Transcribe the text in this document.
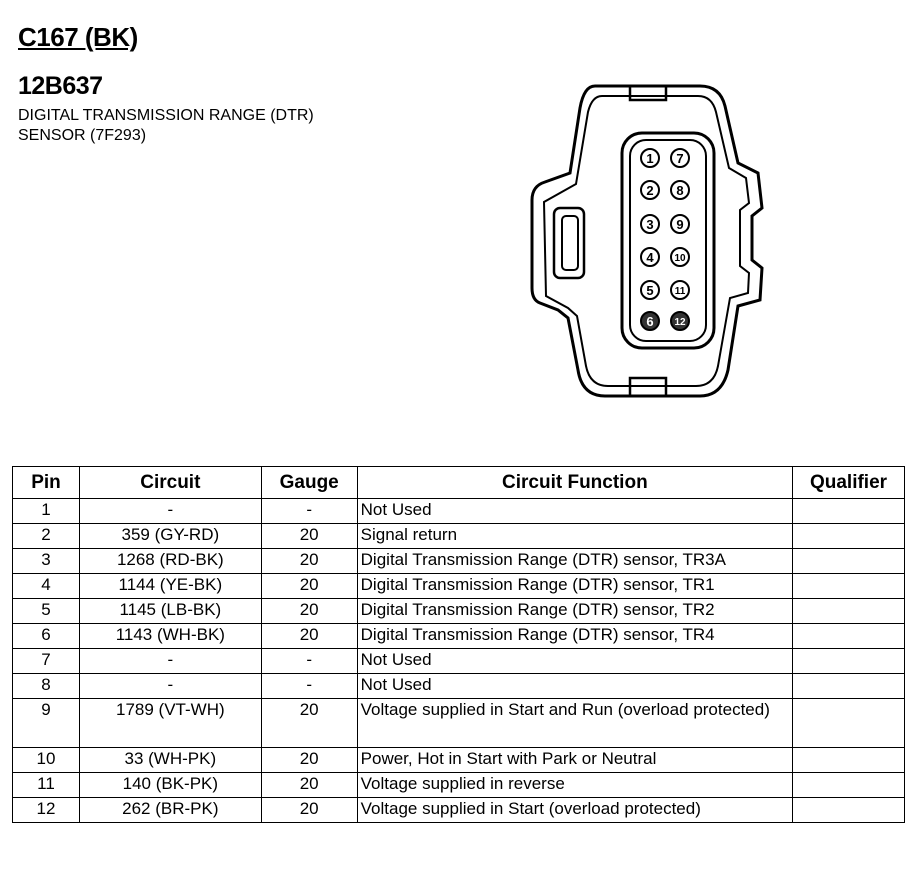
C167 (BK)
12B637
DIGITAL TRANSMISSION RANGE (DTR)
SENSOR (7F293)
1
2
3
4
5
6
7
8
9
10
11
12
Pin	Circuit	Gauge	Circuit Function	Qualifier
1	-	-	Not Used	
2	359 (GY-RD)	20	Signal return	
3	1268 (RD-BK)	20	Digital Transmission Range (DTR) sensor, TR3A	
4	1144 (YE-BK)	20	Digital Transmission Range (DTR) sensor, TR1	
5	1145 (LB-BK)	20	Digital Transmission Range (DTR) sensor, TR2	
6	1143 (WH-BK)	20	Digital Transmission Range (DTR) sensor, TR4	
7	-	-	Not Used	
8	-	-	Not Used	
9	1789 (VT-WH)	20	Voltage supplied in Start and Run (overload protected)	
10	33 (WH-PK)	20	Power, Hot in Start with Park or Neutral	
11	140 (BK-PK)	20	Voltage supplied in reverse	
12	262 (BR-PK)	20	Voltage supplied in Start (overload protected)	
